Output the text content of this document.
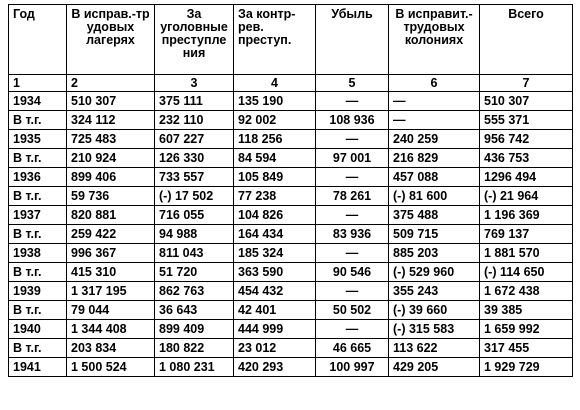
Год	В исправ.-тр удовых лагерях	За уголовные преступле ния	За контр-рев. преступ.	Убыль	В исправит.-трудовых колониях	Всего
1	2	3	4	5	6	7
1934	510 307	375 111	135 190	—	—	510 307
В т.г.	324 112	232 110	92 002	108 936	—	555 371
1935	725 483	607 227	118 256	—	240 259	956 742
В т.г.	210 924	126 330	84 594	97 001	216 829	436 753
1936	899 406	733 557	105 849	—	457 088	1296 494
В т.г.	59 736	(-) 17 502	77 238	78 261	(-) 81 600	(-) 21 964
1937	820 881	716 055	104 826	—	375 488	1 196 369
В т.г.	259 422	94 988	164 434	83 936	509 715	769 137
1938	996 367	811 043	185 324	—	885 203	1 881 570
В т.г.	415 310	51 720	363 590	90 546	(-) 529 960	(-) 114 650
1939	1 317 195	862 763	454 432	—	355 243	1 672 438
В т.г.	79 044	36 643	42 401	50 502	(-) 39 660	39 385
1940	1 344 408	899 409	444 999	—	(-) 315 583	1 659 992
В т.г.	203 834	180 822	23 012	46 665	113 622	317 455
1941	1 500 524	1 080 231	420 293	100 997	429 205	1 929 729
